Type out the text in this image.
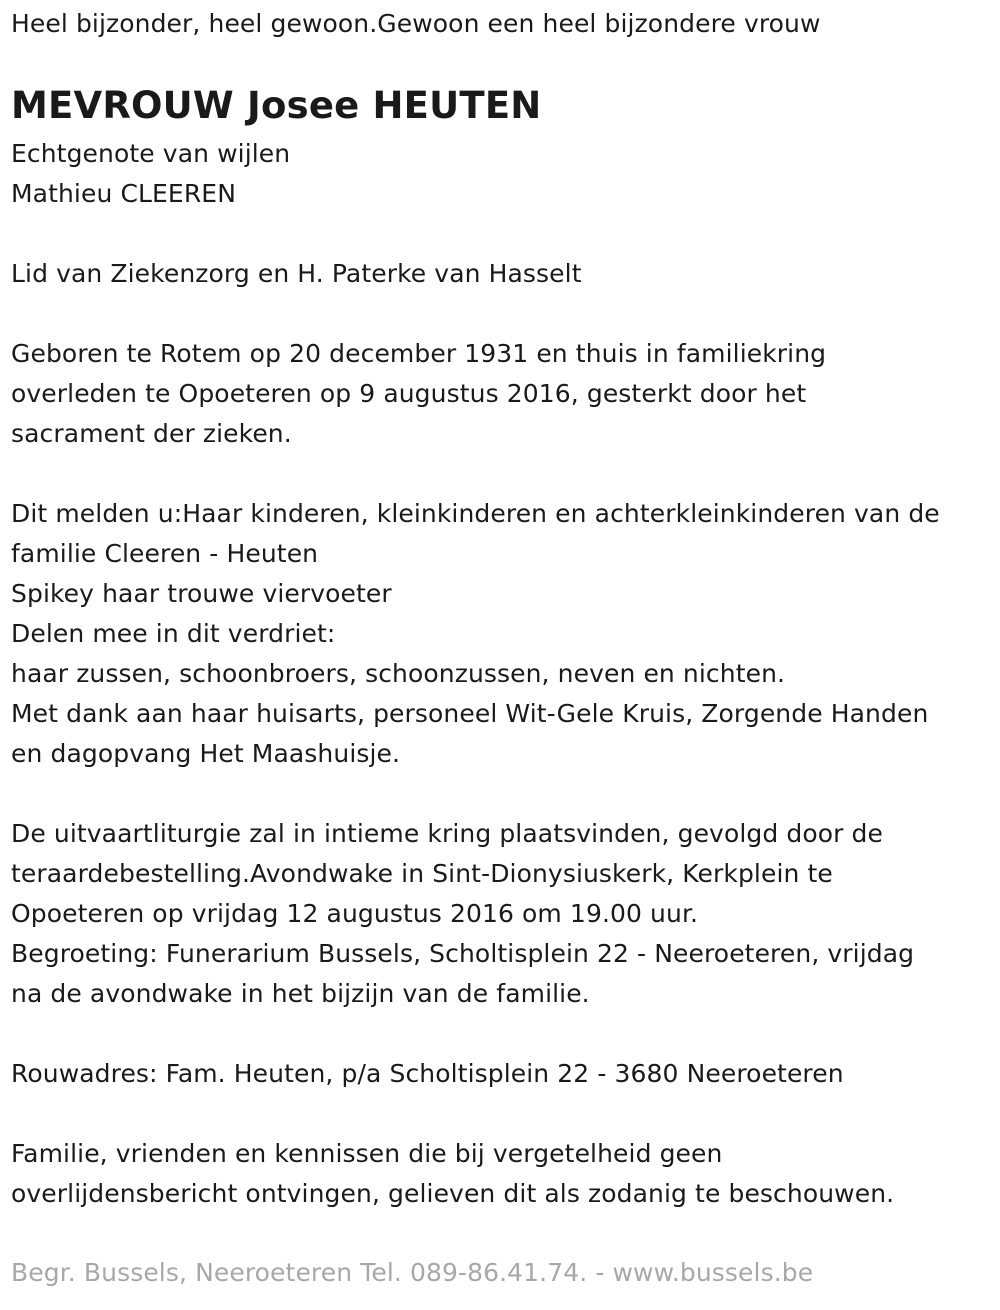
Heel bijzonder, heel gewoon.Gewoon een heel bijzondere vrouw
MEVROUW Josee HEUTEN
Echtgenote van wijlen
Mathieu CLEEREN
Lid van Ziekenzorg en H. Paterke van Hasselt
Geboren te Rotem op 20 december 1931 en thuis in familiekring
overleden te Opoeteren op 9 augustus 2016, gesterkt door het
sacrament der zieken.
Dit melden u:Haar kinderen, kleinkinderen en achterkleinkinderen van de
familie Cleeren - Heuten
Spikey haar trouwe viervoeter
Delen mee in dit verdriet:
haar zussen, schoonbroers, schoonzussen, neven en nichten.
Met dank aan haar huisarts, personeel Wit-Gele Kruis, Zorgende Handen
en dagopvang Het Maashuisje.
De uitvaartliturgie zal in intieme kring plaatsvinden, gevolgd door de
teraardebestelling.Avondwake in Sint-Dionysiuskerk, Kerkplein te
Opoeteren op vrijdag 12 augustus 2016 om 19.00 uur.
Begroeting: Funerarium Bussels, Scholtisplein 22 - Neeroeteren, vrijdag
na de avondwake in het bijzijn van de familie.
Rouwadres: Fam. Heuten, p/a Scholtisplein 22 - 3680 Neeroeteren
Familie, vrienden en kennissen die bij vergetelheid geen
overlijdensbericht ontvingen, gelieven dit als zodanig te beschouwen.
Begr. Bussels, Neeroeteren Tel. 089-86.41.74. - www.bussels.be
